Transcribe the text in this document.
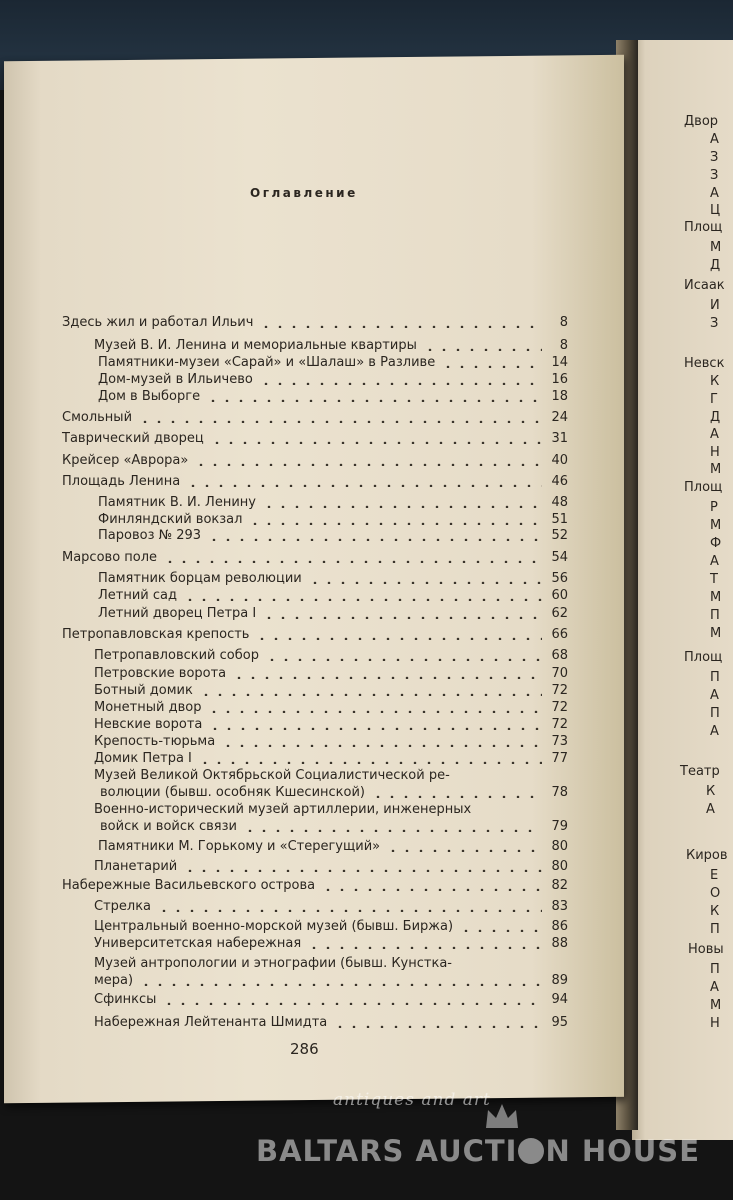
Двор
А
З
З
А
Ц
Площ
М
Д
Исаак
И
З
Невск
К
Г
Д
А
Н
М
Площ
Р
М
Ф
А
Т
М
П
М
Площ
П
А
П
А
Театр
К
А
Киров
Е
О
К
П
Новы
П
А
М
Н
Оглавление
Здесь жил и работал Ильич	8
Музей В. И. Ленина и мемориальные квартиры	8
Памятники-музеи «Сарай» и «Шалаш» в Разливе	14
Дом-музей в Ильичево	16
Дом в Выборге	18
Смольный	24
Таврический дворец	31
Крейсер «Аврора»	40
Площадь Ленина	46
Памятник В. И. Ленину	48
Финляндский вокзал	51
Паровоз № 293	52
Марсово поле	54
Памятник борцам революции	56
Летний сад	60
Летний дворец Петра I	62
Петропавловская крепость	66
Петропавловский собор	68
Петровские ворота	70
Ботный домик	72
Монетный двор	72
Невские ворота	72
Крепость-тюрьма	73
Домик Петра I	77
Музей Великой Октябрьской Социалистической ре-
волюции (бывш. особняк Кшесинской)	78
Военно-исторический музей артиллерии, инженерных
войск и войск связи	79
Памятники М. Горькому и «Стерегущий»	80
Планетарий	80
Набережные Васильевского острова	82
Стрелка	83
Центральный военно-морской музей (бывш. Биржа)	86
Университетская набережная	88
Музей антропологии и этнографии (бывш. Кунстка-
мера)	89
Сфинксы	94
Набережная Лейтенанта Шмидта	95
286
antiques and art
BALTARS AUCTI N HOUSE
